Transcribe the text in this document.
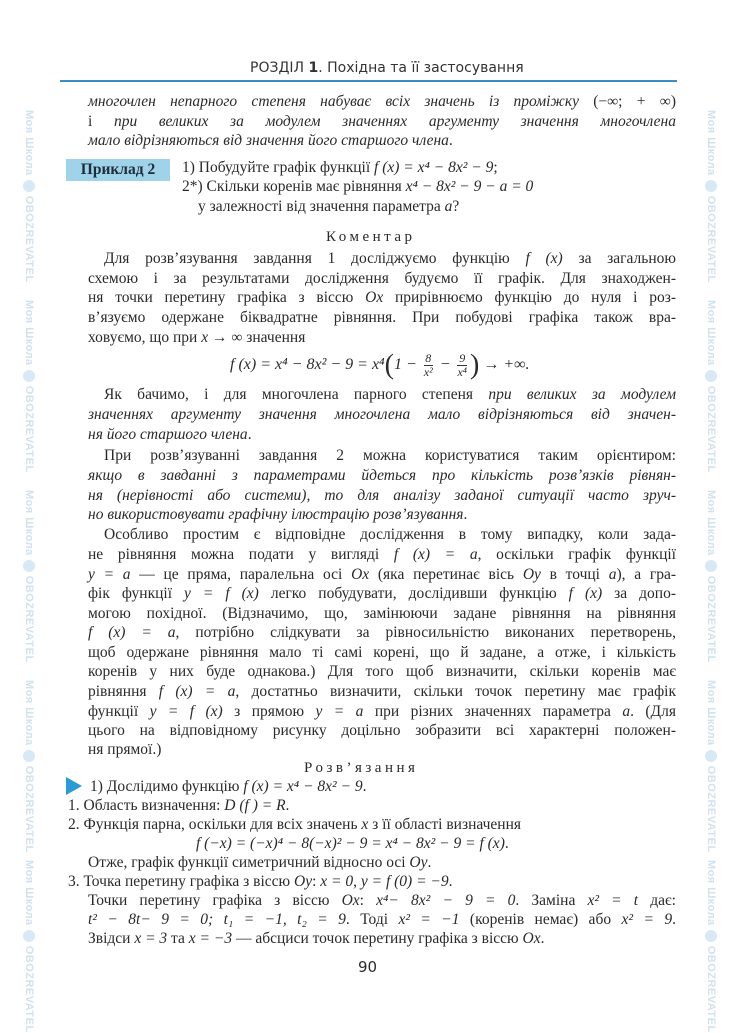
Моя ШколаOBOZREVATEL
Моя ШколаOBOZREVATEL
Моя ШколаOBOZREVATEL
Моя ШколаOBOZREVATEL
Моя ШколаOBOZREVATEL
Моя ШколаOBOZREVATEL
Моя ШколаOBOZREVATEL
Моя ШколаOBOZREVATEL
Моя ШколаOBOZREVATEL
Моя ШколаOBOZREVATEL
РОЗДІЛ 1. Похідна та її застосування
Приклад 2
Коментар
Розв’язання
f $(x) = x^4 - 8x^2 - 9 = x^4(1 - \frac{8}{\text{x²}} - \frac{9}{\text{x⁴}}$ ) → +∞.
многочлен непарного степеня набуває всіх значень із проміжку (−∞; + ∞)
і при великих за модулем значеннях аргументу значення многочлена
мало відрізняються від значення його старшого члена.
1) Побудуйте графік функції f (x) = x⁴ − 8x² − 9;
2*) Скільки коренів має рівняння x⁴ − 8x² − 9 − a = 0
у залежності від значення параметра a?
Для розв’язування завдання 1 досліджуємо функцію f (x) за загальною
схемою і за результатами дослідження будуємо її графік. Для знаходжен-
ня точки перетину графіка з віссю Ox прирівнюємо функцію до нуля і роз-
в’язуємо одержане біквадратне рівняння. При побудові графіка також вра-
ховуємо, що при x → ∞ значення
Як бачимо, і для многочлена парного степеня при великих за модулем
значеннях аргументу значення многочлена мало відрізняються від значен-
ня його старшого члена.
При розв’язуванні завдання 2 можна користуватися таким орієнтиром:
якщо в завданні з параметрами йдеться про кількість розв’язків рівнян-
ня (нерівності або системи), то для аналізу заданої ситуації часто зруч-
но використовувати графічну ілюстрацію розв’язування.
Особливо простим є відповідне дослідження в тому випадку, коли зада-
не рівняння можна подати у вигляді f (x) = a, оскільки графік функції
y = a — це пряма, паралельна осі Ox (яка перетинає вісь Oy в точці a), а гра-
фік функції y = f (x) легко побудувати, дослідивши функцію f (x) за допо-
могою похідної. (Відзначимо, що, замінюючи задане рівняння на рівняння
f (x) = a, потрібно слідкувати за рівносильністю виконаних перетворень,
щоб одержане рівняння мало ті самі корені, що й задане, а отже, і кількість
коренів у них буде однакова.) Для того щоб визначити, скільки коренів має
рівняння f (x) = a, достатньо визначити, скільки точок перетину має графік
функції y = f (x) з прямою y = a при різних значеннях параметра a. (Для
цього на відповідному рисунку доцільно зобразити всі характерні положен-
ня прямої.)
1) Дослідимо функцію f (x) = x⁴ − 8x² − 9.
1. Область визначення: D (f ) = R.
2. Функція парна, оскільки для всіх значень x з її області визначення
f (−x) = (−x)⁴ − 8(−x)² − 9 = x⁴ − 8x² − 9 = f (x).
Отже, графік функції симетричний відносно осі Oy.
3. Точка перетину графіка з віссю Oy: x = 0, y = f (0) = −9.
Точки перетину графіка з віссю Ox: x⁴− 8x² − 9 = 0. Заміна x² = t дає:
t² − 8t− 9 = 0; t₁ = −1, t₂ = 9. Тоді x² = −1 (коренів немає) або x² = 9.
Звідси x = 3 та x = −3 — абсциси точок перетину графіка з віссю Ox.
90
